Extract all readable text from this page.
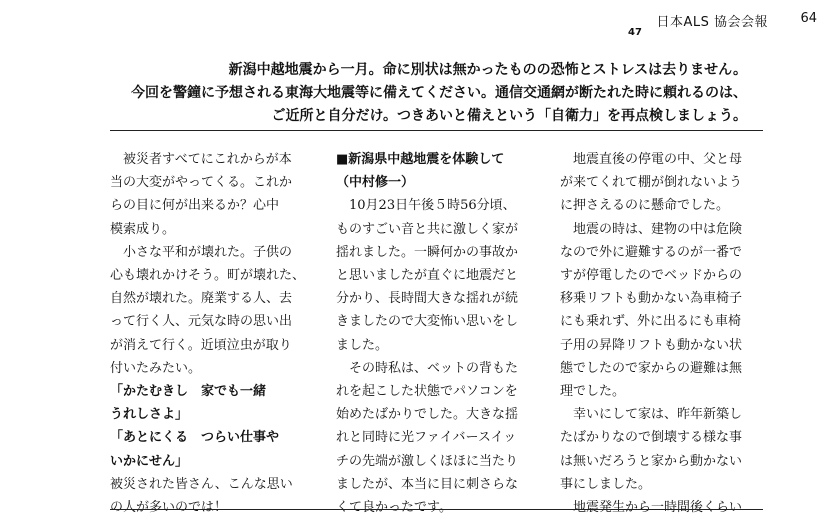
日本ALS 協会会報 64
47
新潟中越地震から一月。命に別状は無かったものの恐怖とストレスは去りません。
今回を警鐘に予想される東海大地震等に備えてください。通信交通網が断たれた時に頼れるのは、
ご近所と自分だけ。つきあいと備えという「自衛力」を再点検しましょう。
　被災者すべてにこれからが本
当の大変がやってくる。これか
らの目に何が出来るか？心中
模索成り。
　小さな平和が壊れた。子供の
心も壊れかけそう。町が壊れた、
自然が壊れた。廃業する人、去
って行く人、元気な時の思い出
が消えて行く。近頃泣虫が取り
付いたみたい。
「かたむきし　家でも一緒
うれしさよ」
「あとにくる　つらい仕事や
いかにせん」
被災された皆さん、こんな思い
の人が多いのでは！
■新潟県中越地震を体験して
（中村修一）
　10月23日午後５時56分頃、
ものすごい音と共に激しく家が
揺れました。一瞬何かの事故か
と思いましたが直ぐに地震だと
分かり、長時間大きな揺れが続
きましたので大変怖い思いをし
ました。
　その時私は、ベットの背もた
れを起こした状態でパソコンを
始めたばかりでした。大きな揺
れと同時に光ファイバースイッ
チの先端が激しくほほに当たり
ましたが、本当に目に刺さらな
くて良かったです。
　地震直後の停電の中、父と母
が来てくれて棚が倒れないよう
に押さえるのに懸命でした。
　地震の時は、建物の中は危険
なので外に避難するのが一番で
すが停電したのでベッドからの
移乗リフトも動かない為車椅子
にも乗れず、外に出るにも車椅
子用の昇降リフトも動かない状
態でしたので家からの避難は無
理でした。
　幸いにして家は、昨年新築し
たばかりなので倒壊する様な事
は無いだろうと家から動かない
事にしました。
　地震発生から一時間後くらい
